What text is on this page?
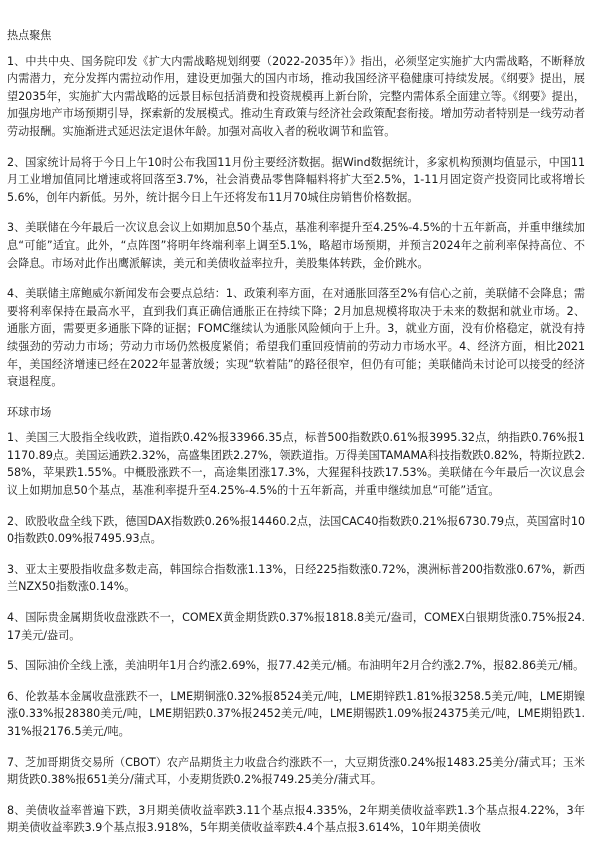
热点聚焦

1、中共中央、国务院印发《扩大内需战略规划纲要（2022-2035年）》指出，必须坚定实施扩大内需战略，不断释放内需潜力，充分发挥内需拉动作用，建设更加强大的国内市场，推动我国经济平稳健康可持续发展。《纲要》提出，展望2035年，实施扩大内需战略的远景目标包括消费和投资规模再上新台阶，完整内需体系全面建立等。《纲要》提出，加强房地产市场预期引导，探索新的发展模式。推动生育政策与经济社会政策配套衔接。增加劳动者特别是一线劳动者劳动报酬。实施渐进式延迟法定退休年龄。加强对高收入者的税收调节和监管。

2、国家统计局将于今日上午10时公布我国11月份主要经济数据。据Wind数据统计，多家机构预测均值显示，中国11月工业增加值同比增速或将回落至3.7%，社会消费品零售降幅料将扩大至2.5%，1-11月固定资产投资同比或将增长5.6%，创年内新低。另外，统计据今日上午还将发布11月70城住房销售价格数据。

3、美联储在今年最后一次议息会议上如期加息50个基点，基准利率提升至4.25%-4.5%的十五年新高，并重申继续加息“可能”适宜。此外，“点阵图”将明年终端利率上调至5.1%，略超市场预期，并预言2024年之前利率保持高位、不会降息。市场对此作出鹰派解读，美元和美债收益率拉升，美股集体转跌，金价跳水。

4、美联储主席鲍威尔新闻发布会要点总结：1、政策利率方面，在对通胀回落至2%有信心之前，美联储不会降息；需要将利率保持在最高水平，直到我们真正确信通胀正在持续下降；2月加息规模将取决于未来的数据和就业市场。2、通胀方面，需要更多通胀下降的证据；FOMC继续认为通胀风险倾向于上升。3，就业方面，没有价格稳定，就没有持续强劲的劳动力市场；劳动力市场仍然极度紧俏；希望我们重回疫情前的劳动力市场水平。4、经济方面，相比2021年，美国经济增速已经在2022年显著放缓；实现“软着陆”的路径很窄，但仍有可能；美联储尚未讨论可以接受的经济衰退程度。

环球市场

1、美国三大股指全线收跌，道指跌0.42%报33966.35点，标普500指数跌0.61%报3995.32点，纳指跌0.76%报11170.89点。美国运通跌2.32%，高盛集团跌2.27%，领跌道指。万得美国TAMAMA科技指数跌0.82%，特斯拉跌2.58%，苹果跌1.55%。中概股涨跌不一，高途集团涨17.3%，大猩猩科技跌17.53%。美联储在今年最后一次议息会议上如期加息50个基点，基准利率提升至4.25%-4.5%的十五年新高，并重申继续加息“可能”适宜。

2、欧股收盘全线下跌，德国DAX指数跌0.26%报14460.2点，法国CAC40指数跌0.21%报6730.79点，英国富时100指数跌0.09%报7495.93点。

3、亚太主要股指收盘多数走高，韩国综合指数涨1.13%，日经225指数涨0.72%，澳洲标普200指数涨0.67%，新西兰NZX50指数涨0.14%。

4、国际贵金属期货收盘涨跌不一，COMEX黄金期货跌0.37%报1818.8美元/盎司，COMEX白银期货涨0.75%报24.17美元/盎司。

5、国际油价全线上涨，美油明年1月合约涨2.69%，报77.42美元/桶。布油明年2月合约涨2.7%，报82.86美元/桶。

6、伦敦基本金属收盘涨跌不一，LME期铜涨0.32%报8524美元/吨，LME期锌跌1.81%报3258.5美元/吨，LME期镍涨0.33%报28380美元/吨，LME期铝跌0.37%报2452美元/吨，LME期锡跌1.09%报24375美元/吨，LME期铅跌1.31%报2176.5美元/吨。

7、芝加哥期货交易所（CBOT）农产品期货主力收盘合约涨跌不一，大豆期货涨0.24%报1483.25美分/蒲式耳；玉米期货跌0.38%报651美分/蒲式耳，小麦期货跌0.2%报749.25美分/蒲式耳。

8、美债收益率普遍下跌，3月期美债收益率跌3.11个基点报4.335%，2年期美债收益率跌1.3个基点报4.22%，3年期美债收益率跌3.9个基点报3.918%，5年期美债收益率跌4.4个基点报3.614%，10年期美债收
